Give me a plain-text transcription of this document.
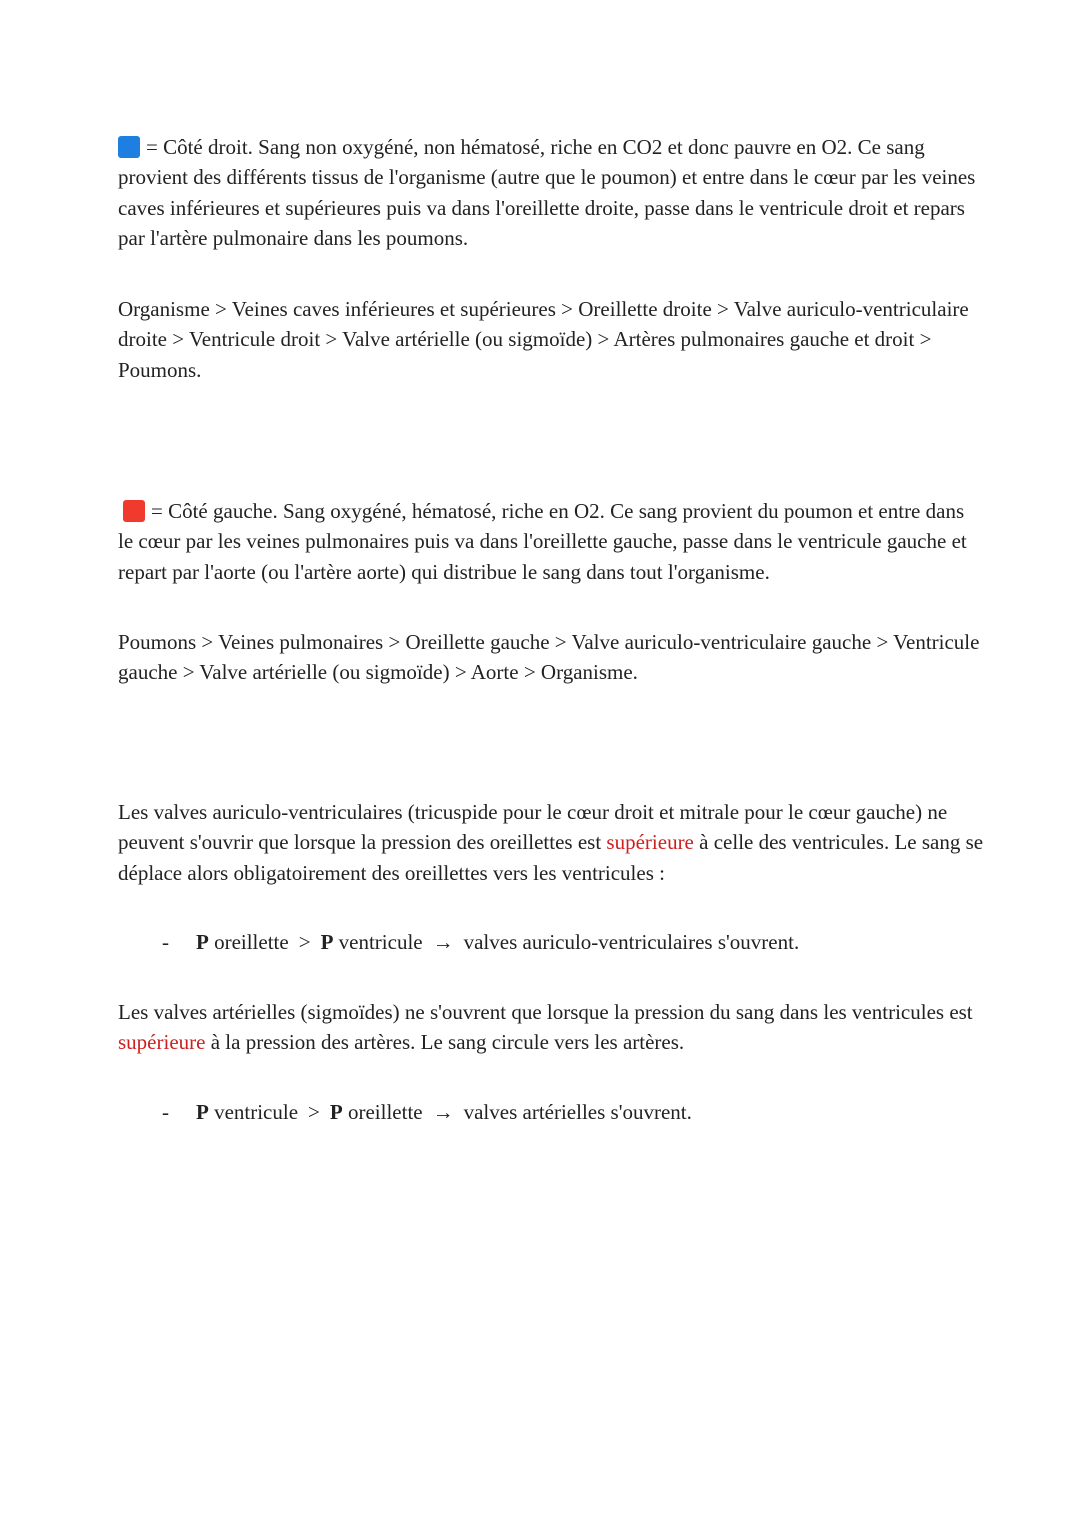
= Côté droit. Sang non oxygéné, non hématosé, riche en CO2 et donc pauvre en O2. Ce sang provient des différents tissus de l'organisme (autre que le poumon) et entre dans le cœur par les veines caves inférieures et supérieures puis va dans l'oreillette droite, passe dans le ventricule droit et repars par l'artère pulmonaire dans les poumons.

Organisme > Veines caves inférieures et supérieures > Oreillette droite > Valve auriculo-ventriculaire droite > Ventricule droit > Valve artérielle (ou sigmoïde) > Artères pulmonaires gauche et droit > Poumons.

= Côté gauche. Sang oxygéné, hématosé, riche en O2. Ce sang provient du poumon et entre dans le cœur par les veines pulmonaires puis va dans l'oreillette gauche, passe dans le ventricule gauche et repart par l'aorte (ou l'artère aorte) qui distribue le sang dans tout l'organisme.

Poumons > Veines pulmonaires > Oreillette gauche > Valve auriculo-ventriculaire gauche > Ventricule gauche > Valve artérielle (ou sigmoïde) > Aorte > Organisme.

Les valves auriculo-ventriculaires (tricuspide pour le cœur droit et mitrale pour le cœur gauche) ne peuvent s'ouvrir que lorsque la pression des oreillettes est supérieure à celle des ventricules. Le sang se déplace alors obligatoirement des oreillettes vers les ventricules :

- P oreillette > P ventricule → valves auriculo-ventriculaires s'ouvrent.

Les valves artérielles (sigmoïdes) ne s'ouvrent que lorsque la pression du sang dans les ventricules est supérieure à la pression des artères. Le sang circule vers les artères.

- P ventricule > P oreillette → valves artérielles s'ouvrent.
